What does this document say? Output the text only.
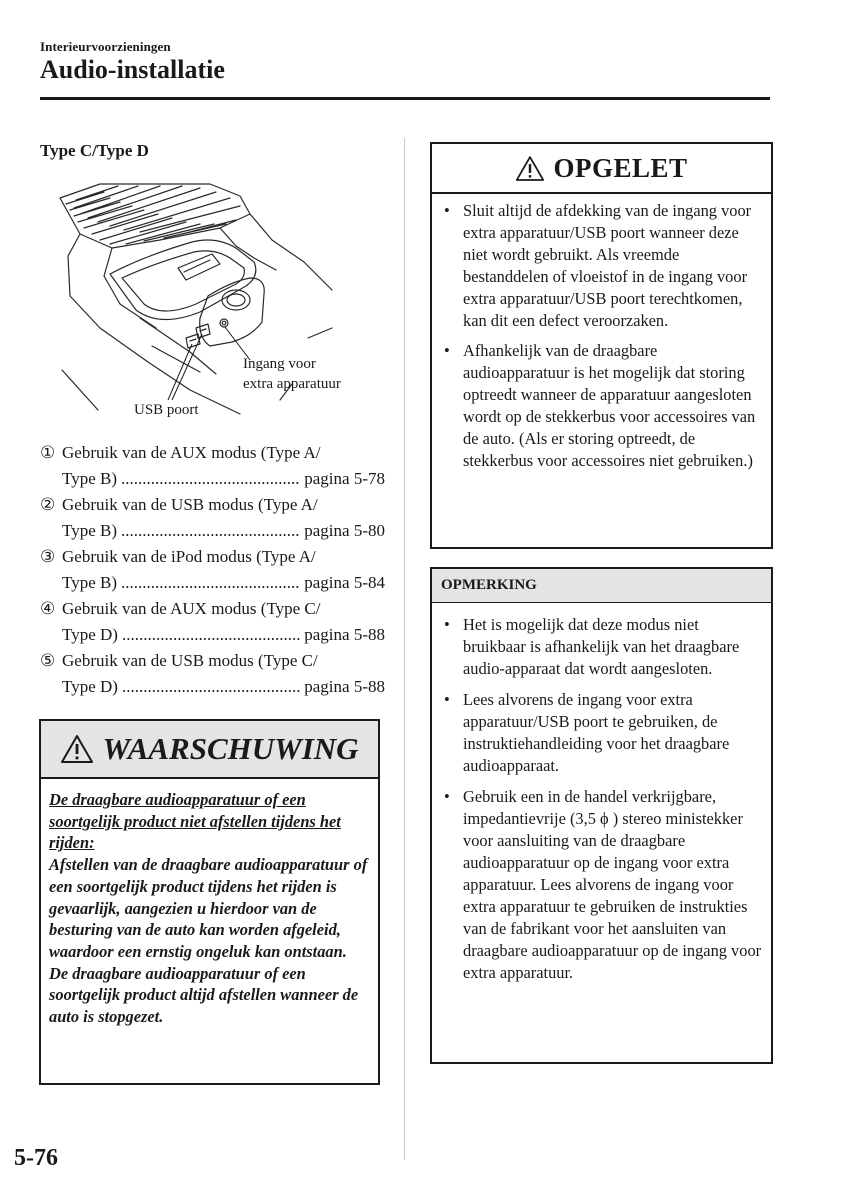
Interieurvoorzieningen
Audio-installatie
Type C/Type D
Ingang voor
extra apparatuur
USB poort
① Gebruik van de AUX modus (Type A/
Type B) .....	pagina 5-78
② Gebruik van de USB modus (Type A/
Type B) .....	pagina 5-80
③ Gebruik van de iPod modus (Type A/
Type B) .....	pagina 5-84
④ Gebruik van de AUX modus (Type C/
Type D) .....	pagina 5-88
⑤ Gebruik van de USB modus (Type C/
Type D) .....	pagina 5-88
WAARSCHUWING
De draagbare audioapparatuur of een soortgelijk product niet afstellen tijdens het rijden:
Afstellen van de draagbare audioapparatuur of een soortgelijk product tijdens het rijden is gevaarlijk, aangezien u hierdoor van de besturing van de auto kan worden afgeleid, waardoor een ernstig ongeluk kan ontstaan. De draagbare audioapparatuur of een soortgelijk product altijd afstellen wanneer de auto is stopgezet.
OPGELET
• Sluit altijd de afdekking van de ingang voor extra apparatuur/USB poort wanneer deze niet wordt gebruikt. Als vreemde bestanddelen of vloeistof in de ingang voor extra apparatuur/USB poort terechtkomen, kan dit een defect veroorzaken.
• Afhankelijk van de draagbare audioapparatuur is het mogelijk dat storing optreedt wanneer de apparatuur aangesloten wordt op de stekkerbus voor accessoires van de auto. (Als er storing optreedt, de stekkerbus voor accessoires niet gebruiken.)
OPMERKING
• Het is mogelijk dat deze modus niet bruikbaar is afhankelijk van het draagbare audio-apparaat dat wordt aangesloten.
• Lees alvorens de ingang voor extra apparatuur/USB poort te gebruiken, de instruktiehandleiding voor het draagbare audioapparaat.
• Gebruik een in de handel verkrijgbare, impedantievrije (3,5 ϕ ) stereo ministekker voor aansluiting van de draagbare audioapparatuur op de ingang voor extra apparatuur. Lees alvorens de ingang voor extra apparatuur te gebruiken de instrukties van de fabrikant voor het aansluiten van draagbare audioapparatuur op de ingang voor extra apparatuur.
5-76
